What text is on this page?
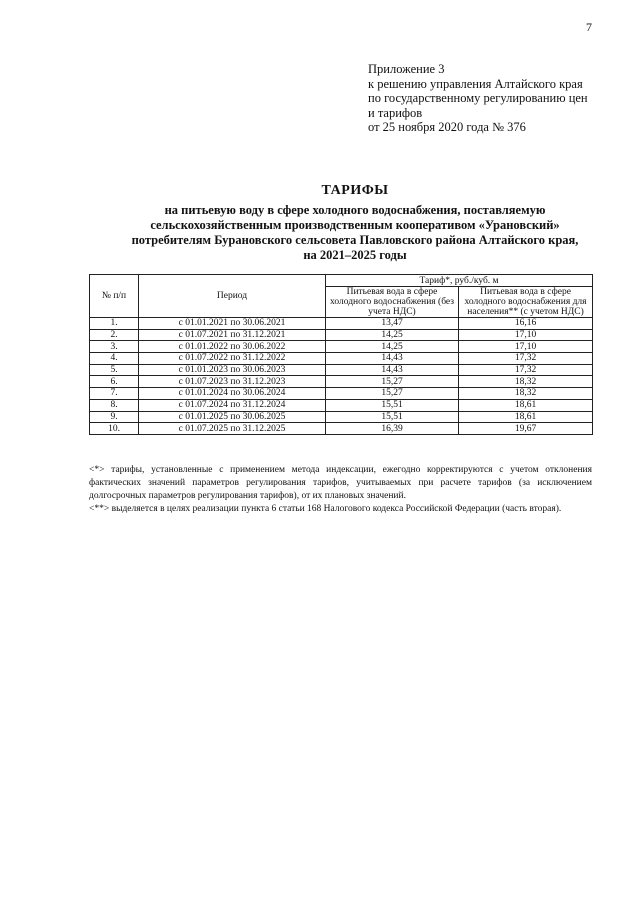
7
Приложение 3
к решению управления Алтайского края
по государственному регулированию цен
и тарифов
от 25 ноября 2020 года № 376
ТАРИФЫ
на питьевую воду в сфере холодного водоснабжения, поставляемую
сельскохозяйственным производственным кооперативом «Урановский»
потребителям Бурановского сельсовета Павловского района Алтайского края,
на 2021–2025 годы
№ п/п	Период	Тариф*, руб./куб. м	
		Питьевая вода в сфере холодного водоснабжения (без учета НДС)	Питьевая вода в сфере холодного водоснабжения для населения** (с учетом НДС)
1.	с 01.01.2021 по 30.06.2021	13,47	16,16
2.	с 01.07.2021 по 31.12.2021	14,25	17,10
3.	с 01.01.2022 по 30.06.2022	14,25	17,10
4.	с 01.07.2022 по 31.12.2022	14,43	17,32
5.	с 01.01.2023 по 30.06.2023	14,43	17,32
6.	с 01.07.2023 по 31.12.2023	15,27	18,32
7.	с 01.01.2024 по 30.06.2024	15,27	18,32
8.	с 01.07.2024 по 31.12.2024	15,51	18,61
9.	с 01.01.2025 по 30.06.2025	15,51	18,61
10.	с 01.07.2025 по 31.12.2025	16,39	19,67

<*> тарифы, установленные с применением метода индексации, ежегодно корректируются с учетом отклонения фактических значений параметров регулирования тарифов, учитываемых при расчете тарифов (за исключением долгосрочных параметров регулирования тарифов), от их плановых значений.

<**> выделяется в целях реализации пункта 6 статьи 168 Налогового кодекса Российской Федерации (часть вторая).
